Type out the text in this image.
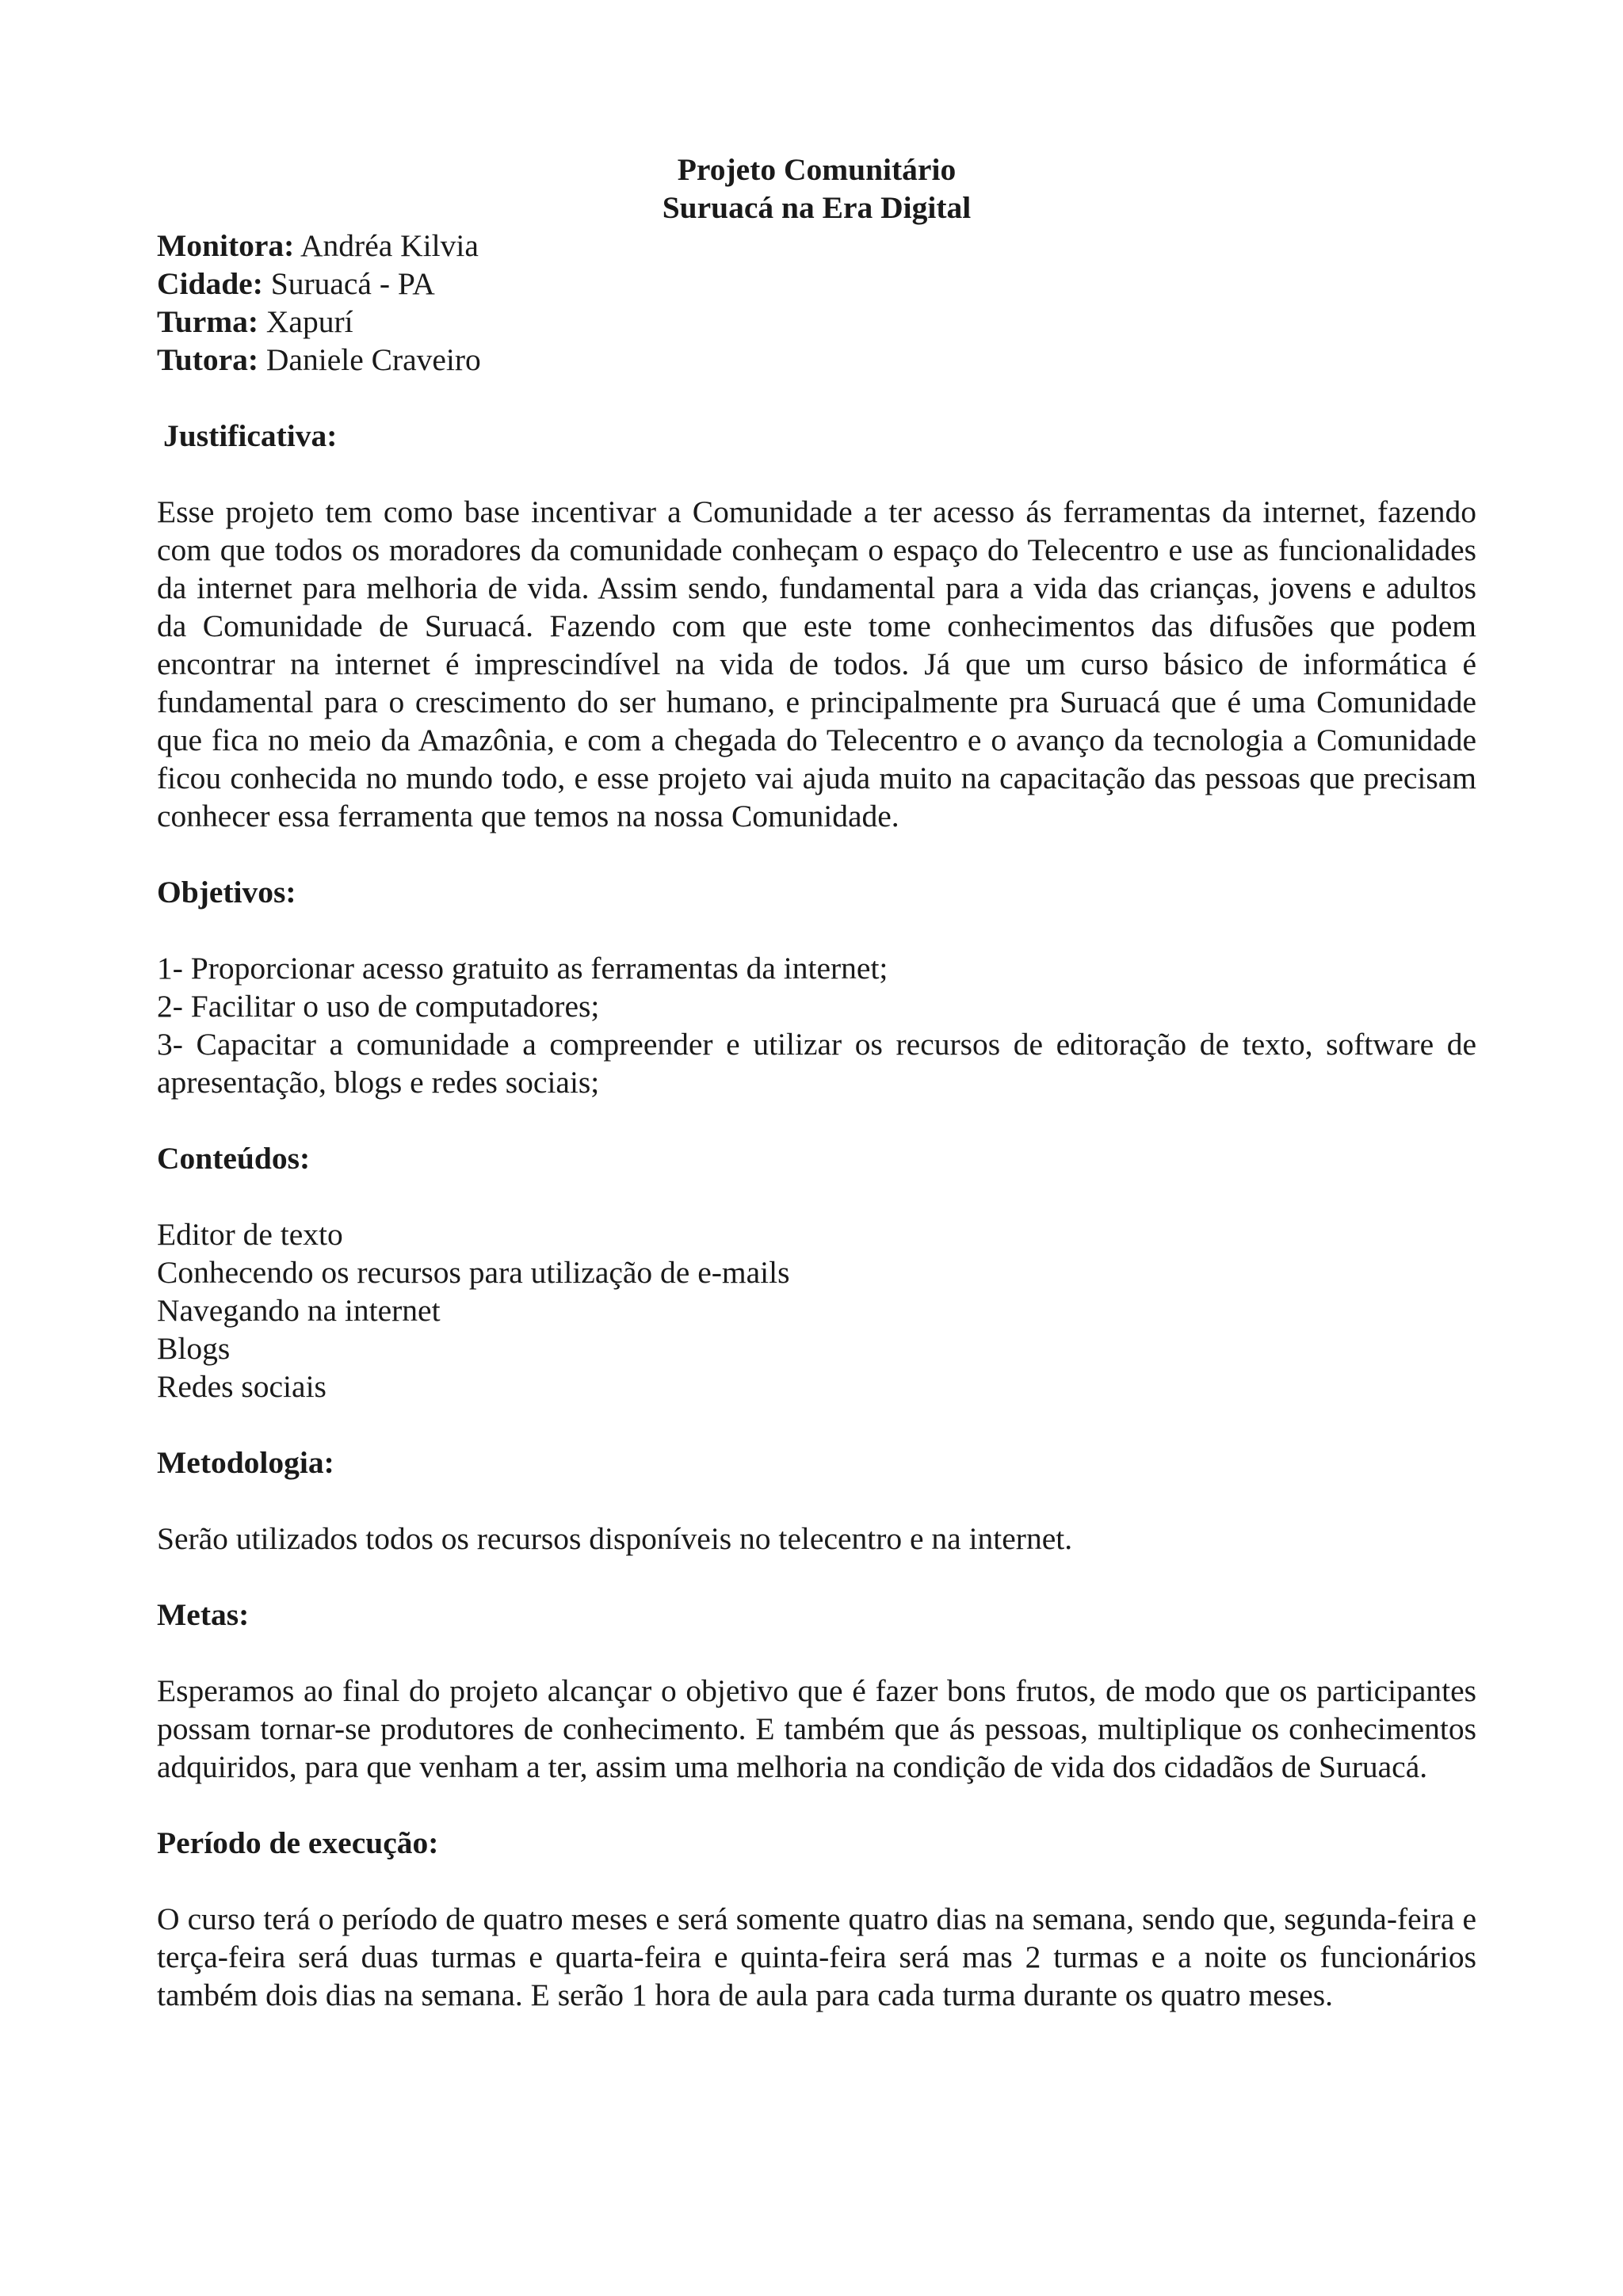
Projeto Comunitário

Suruacá na Era Digital

Monitora: Andréa Kilvia

Cidade: Suruacá - PA

Turma: Xapurí

Tutora: Daniele Craveiro

Justificativa:

Esse projeto tem como base incentivar a Comunidade a ter acesso ás ferramentas da internet, fazendo com que todos os moradores da comunidade conheçam o espaço do Telecentro e use as funcionalidades da internet para melhoria de vida. Assim sendo, fundamental para a vida das crianças, jovens e adultos da Comunidade de Suruacá. Fazendo com que este tome conhecimentos das difusões que podem encontrar na internet é imprescindível na vida de todos. Já que um curso básico de informática é fundamental para o crescimento do ser humano, e principalmente pra Suruacá que é uma Comunidade que fica no meio da Amazônia, e com a chegada do Telecentro e o avanço da tecnologia a Comunidade ficou conhecida no mundo todo, e esse projeto vai ajuda muito na capacitação das pessoas que precisam conhecer essa ferramenta que temos na nossa Comunidade.

Objetivos:

1- Proporcionar acesso gratuito as ferramentas da internet;

2- Facilitar o uso de computadores;

3- Capacitar a comunidade a compreender e utilizar os recursos de editoração de texto, software de apresentação, blogs e redes sociais;

Conteúdos:

Editor de texto

Conhecendo os recursos para utilização de e-mails

Navegando na internet

Blogs

Redes sociais

Metodologia:

Serão utilizados todos os recursos disponíveis no telecentro e na internet.

Metas:

Esperamos ao final do projeto alcançar o objetivo que é fazer bons frutos, de modo que os participantes possam tornar-se produtores de conhecimento. E também que ás pessoas, multiplique os conhecimentos adquiridos, para que venham a ter, assim uma melhoria na condição de vida dos cidadãos de Suruacá.

Período de execução:

O curso terá o período de quatro meses e será somente quatro dias na semana, sendo que, segunda-feira e terça-feira será duas turmas e quarta-feira e quinta-feira será mas 2 turmas e a noite os funcionários também dois dias na semana. E serão 1 hora de aula para cada turma durante os quatro meses.
